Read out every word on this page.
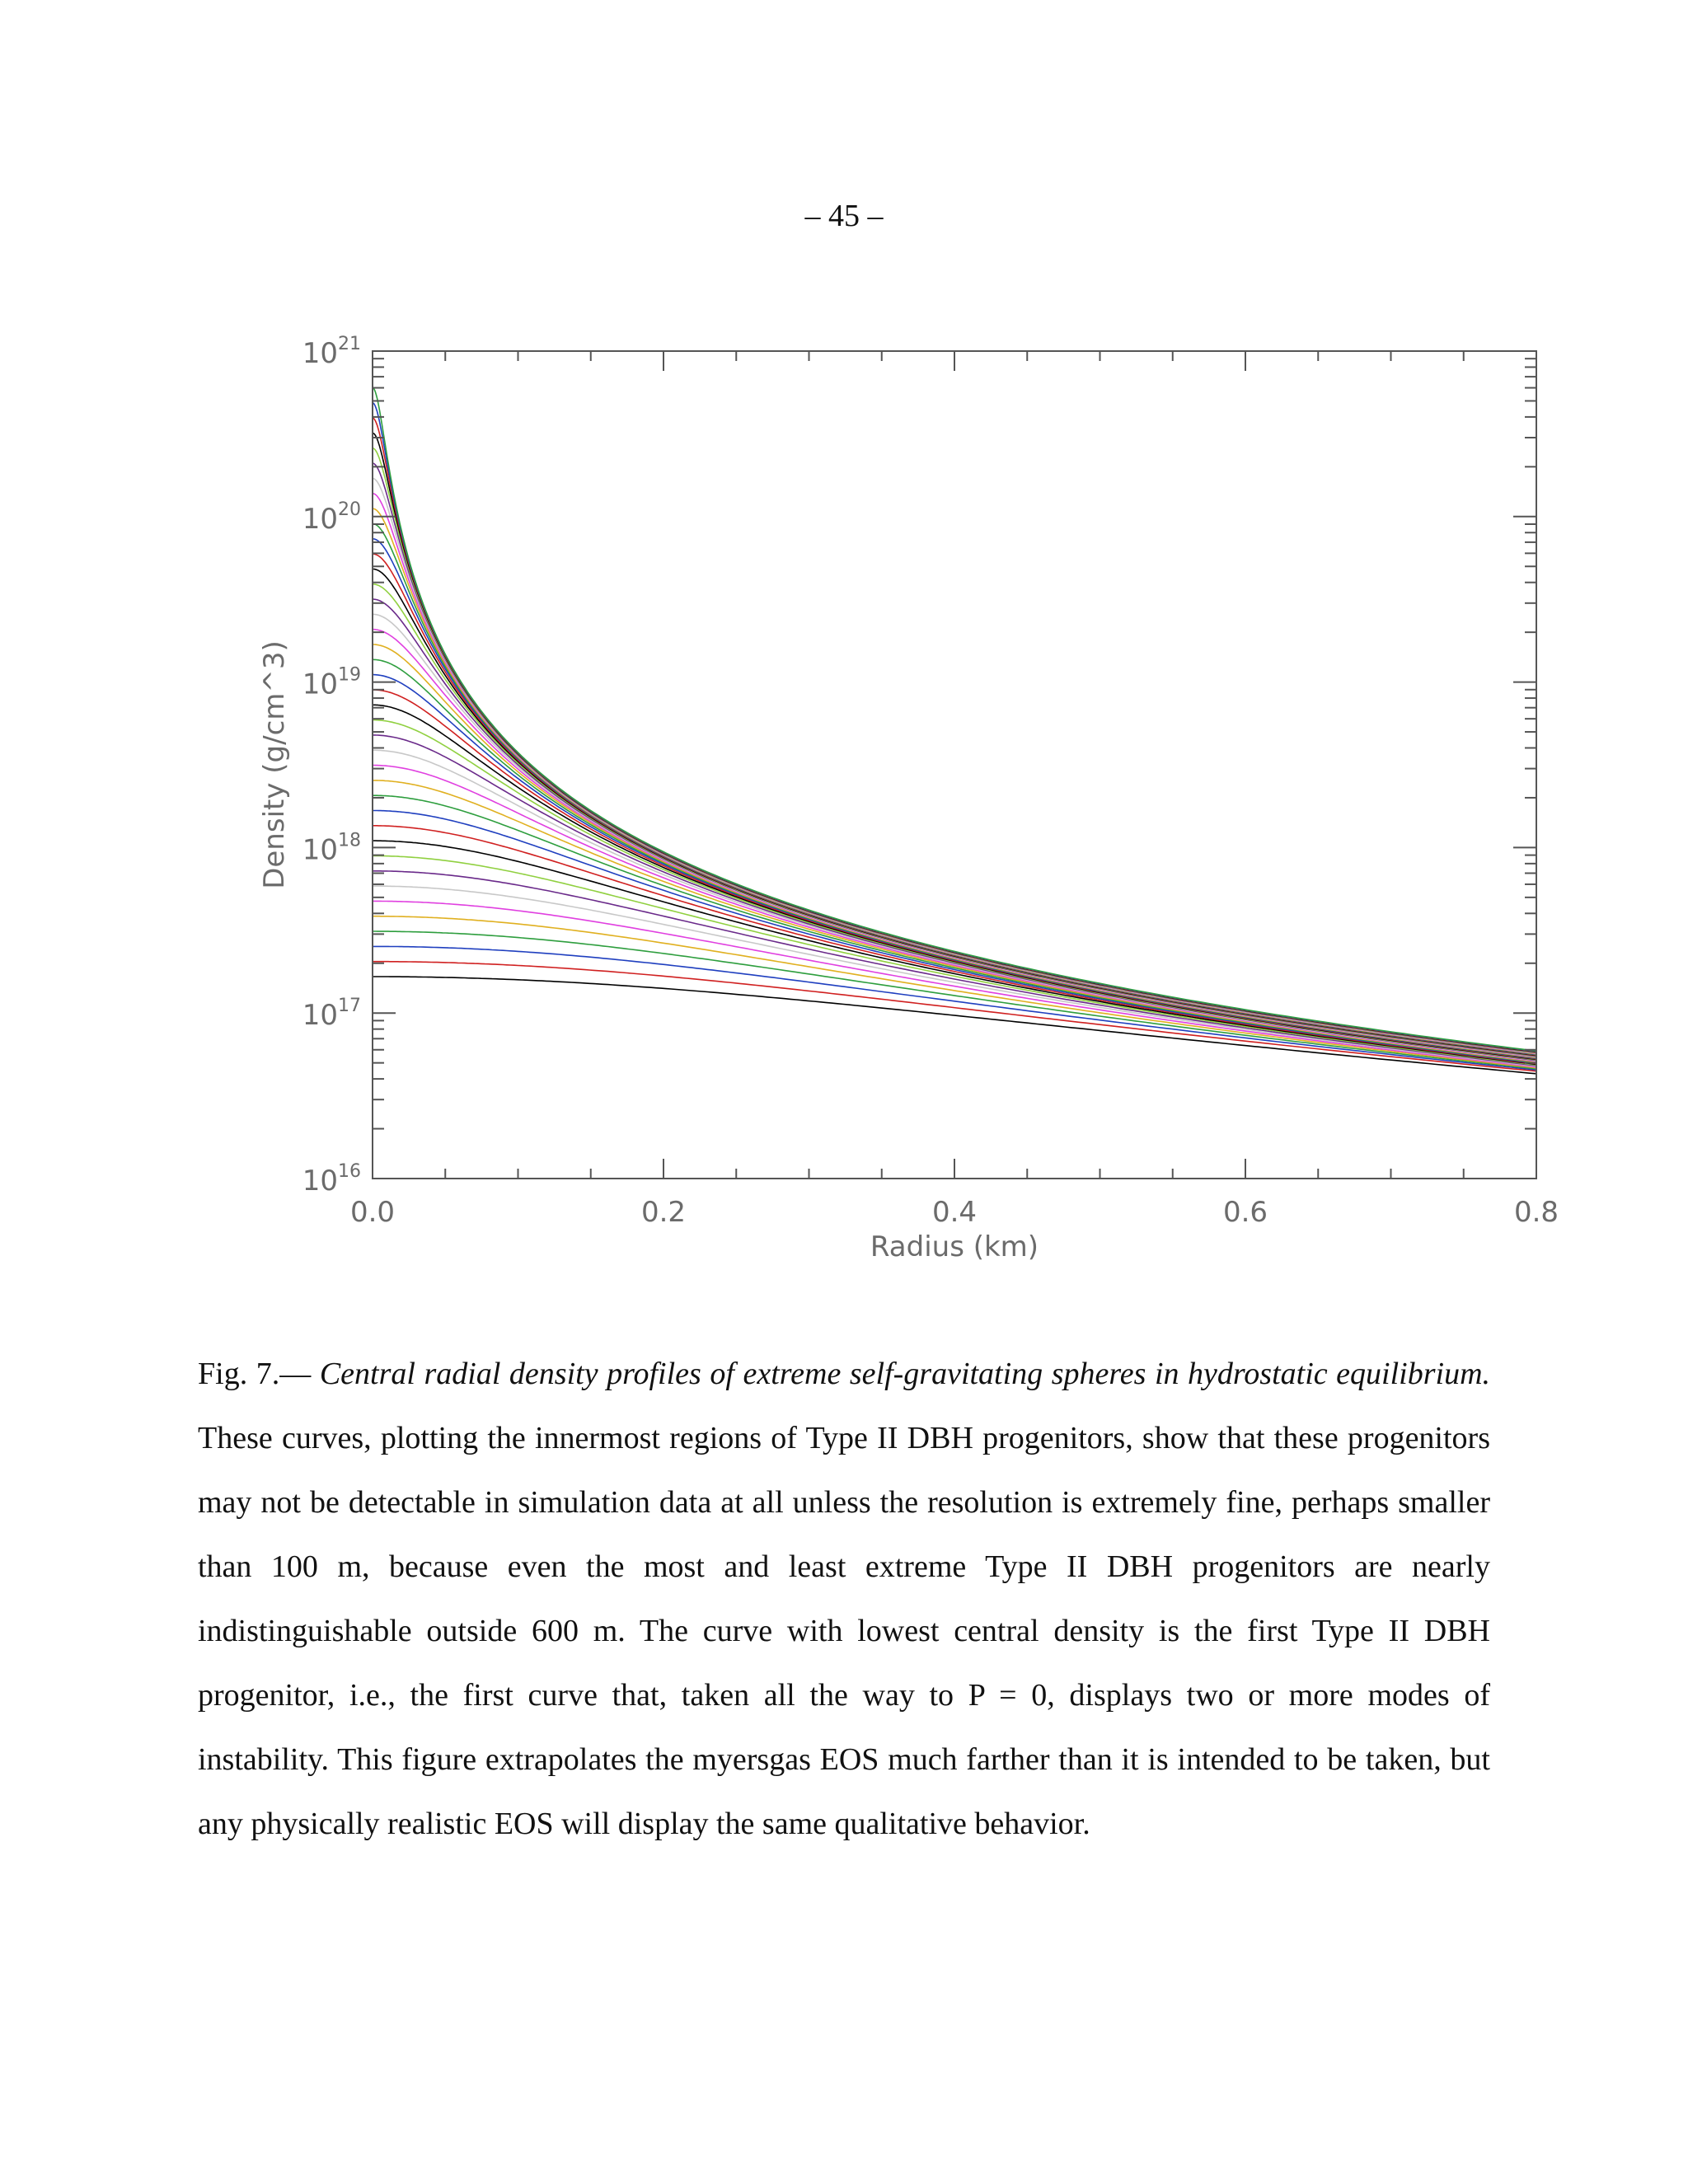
– 45 –
0.0	0.2	0.4	0.6	0.8
$10^{16}$
$10^{17}$
$10^{18}$
$10^{19}$
$10^{20}$
$10^{21}$
Radius (km)
Density (g/cm^3)
Fig. 7.— Central radial density profiles of extreme self-gravitating spheres in hydrostatic equilibrium. These curves, plotting the innermost regions of Type II DBH progenitors, show that these progenitors may not be detectable in simulation data at all unless the resolution is extremely fine, perhaps smaller than 100 m, because even the most and least extreme Type II DBH progenitors are nearly indistinguishable outside 600 m. The curve with lowest central density is the first Type II DBH progenitor, i.e., the first curve that, taken all the way to P = 0, displays two or more modes of instability. This figure extrapolates the myersgas EOS much farther than it is intended to be taken, but any physically realistic EOS will display the same qualitative behavior.
